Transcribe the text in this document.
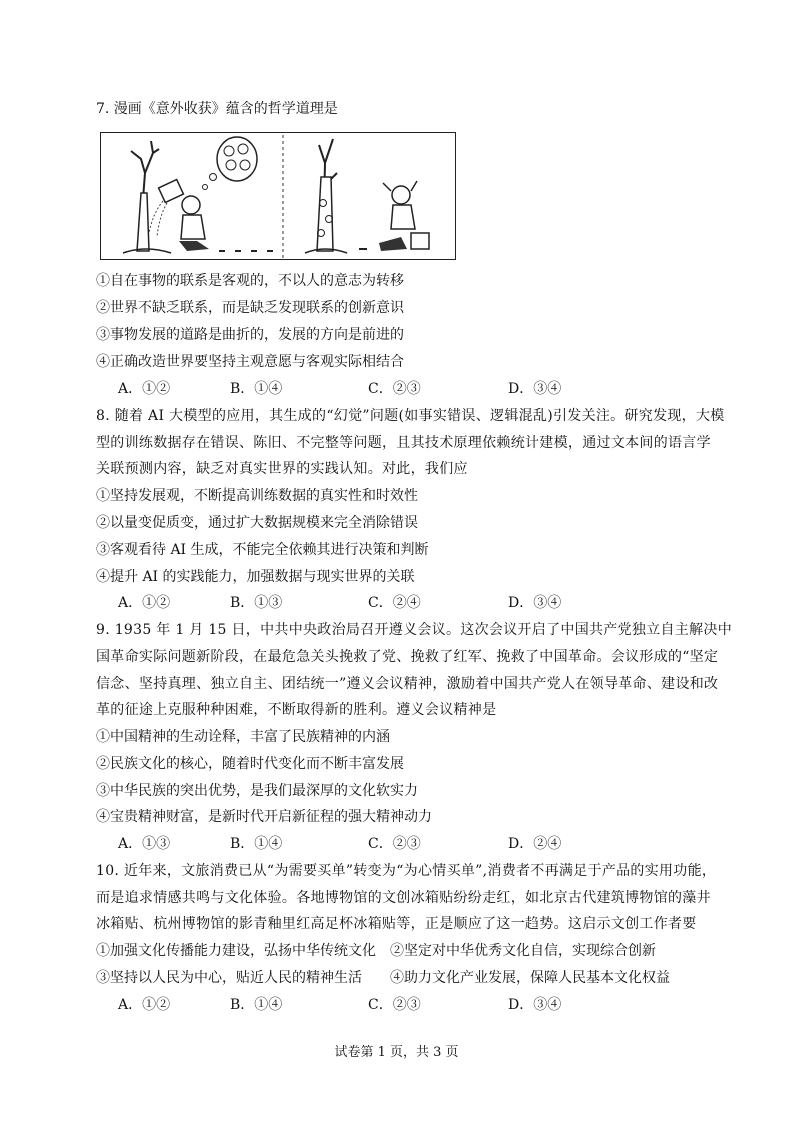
7. 漫画《意外收获》蕴含的哲学道理是
①自在事物的联系是客观的，不以人的意志为转移
②世界不缺乏联系，而是缺乏发现联系的创新意识
③事物发展的道路是曲折的，发展的方向是前进的
④正确改造世界要坚持主观意愿与客观实际相结合
A．①②	B．①④	C．②③	D．③④
8. 随着 AI 大模型的应用，其生成的“幻觉”问题(如事实错误、逻辑混乱)引发关注。研究发现，大模
型的训练数据存在错误、陈旧、不完整等问题，且其技术原理依赖统计建模，通过文本间的语言学
关联预测内容，缺乏对真实世界的实践认知。对此，我们应
①坚持发展观，不断提高训练数据的真实性和时效性
②以量变促质变，通过扩大数据规模来完全消除错误
③客观看待 AI 生成，不能完全依赖其进行决策和判断
④提升 AI 的实践能力，加强数据与现实世界的关联
A．①②	B．①③	C．②④	D．③④
9. 1935 年 1 月 15 日，中共中央政治局召开遵义会议。这次会议开启了中国共产党独立自主解决中
国革命实际问题新阶段，在最危急关头挽救了党、挽救了红军、挽救了中国革命。会议形成的“坚定
信念、坚持真理、独立自主、团结统一”遵义会议精神，激励着中国共产党人在领导革命、建设和改
革的征途上克服种种困难，不断取得新的胜利。遵义会议精神是
①中国精神的生动诠释，丰富了民族精神的内涵
②民族文化的核心，随着时代变化而不断丰富发展
③中华民族的突出优势，是我们最深厚的文化软实力
④宝贵精神财富，是新时代开启新征程的强大精神动力
A．①③	B．①④	C．②③	D．②④
10. 近年来，文旅消费已从“为需要买单”转变为“为心情买单”,消费者不再满足于产品的实用功能，
而是追求情感共鸣与文化体验。各地博物馆的文创冰箱贴纷纷走红，如北京古代建筑博物馆的藻井
冰箱贴、杭州博物馆的影青釉里红高足杯冰箱贴等，正是顺应了这一趋势。这启示文创工作者要
①加强文化传播能力建设，弘扬中华传统文化　②坚定对中华优秀文化自信，实现综合创新
③坚持以人民为中心，贴近人民的精神生活　　④助力文化产业发展，保障人民基本文化权益
A．①②	B．①④	C．②③	D．③④
试卷第 1 页，共 3 页
